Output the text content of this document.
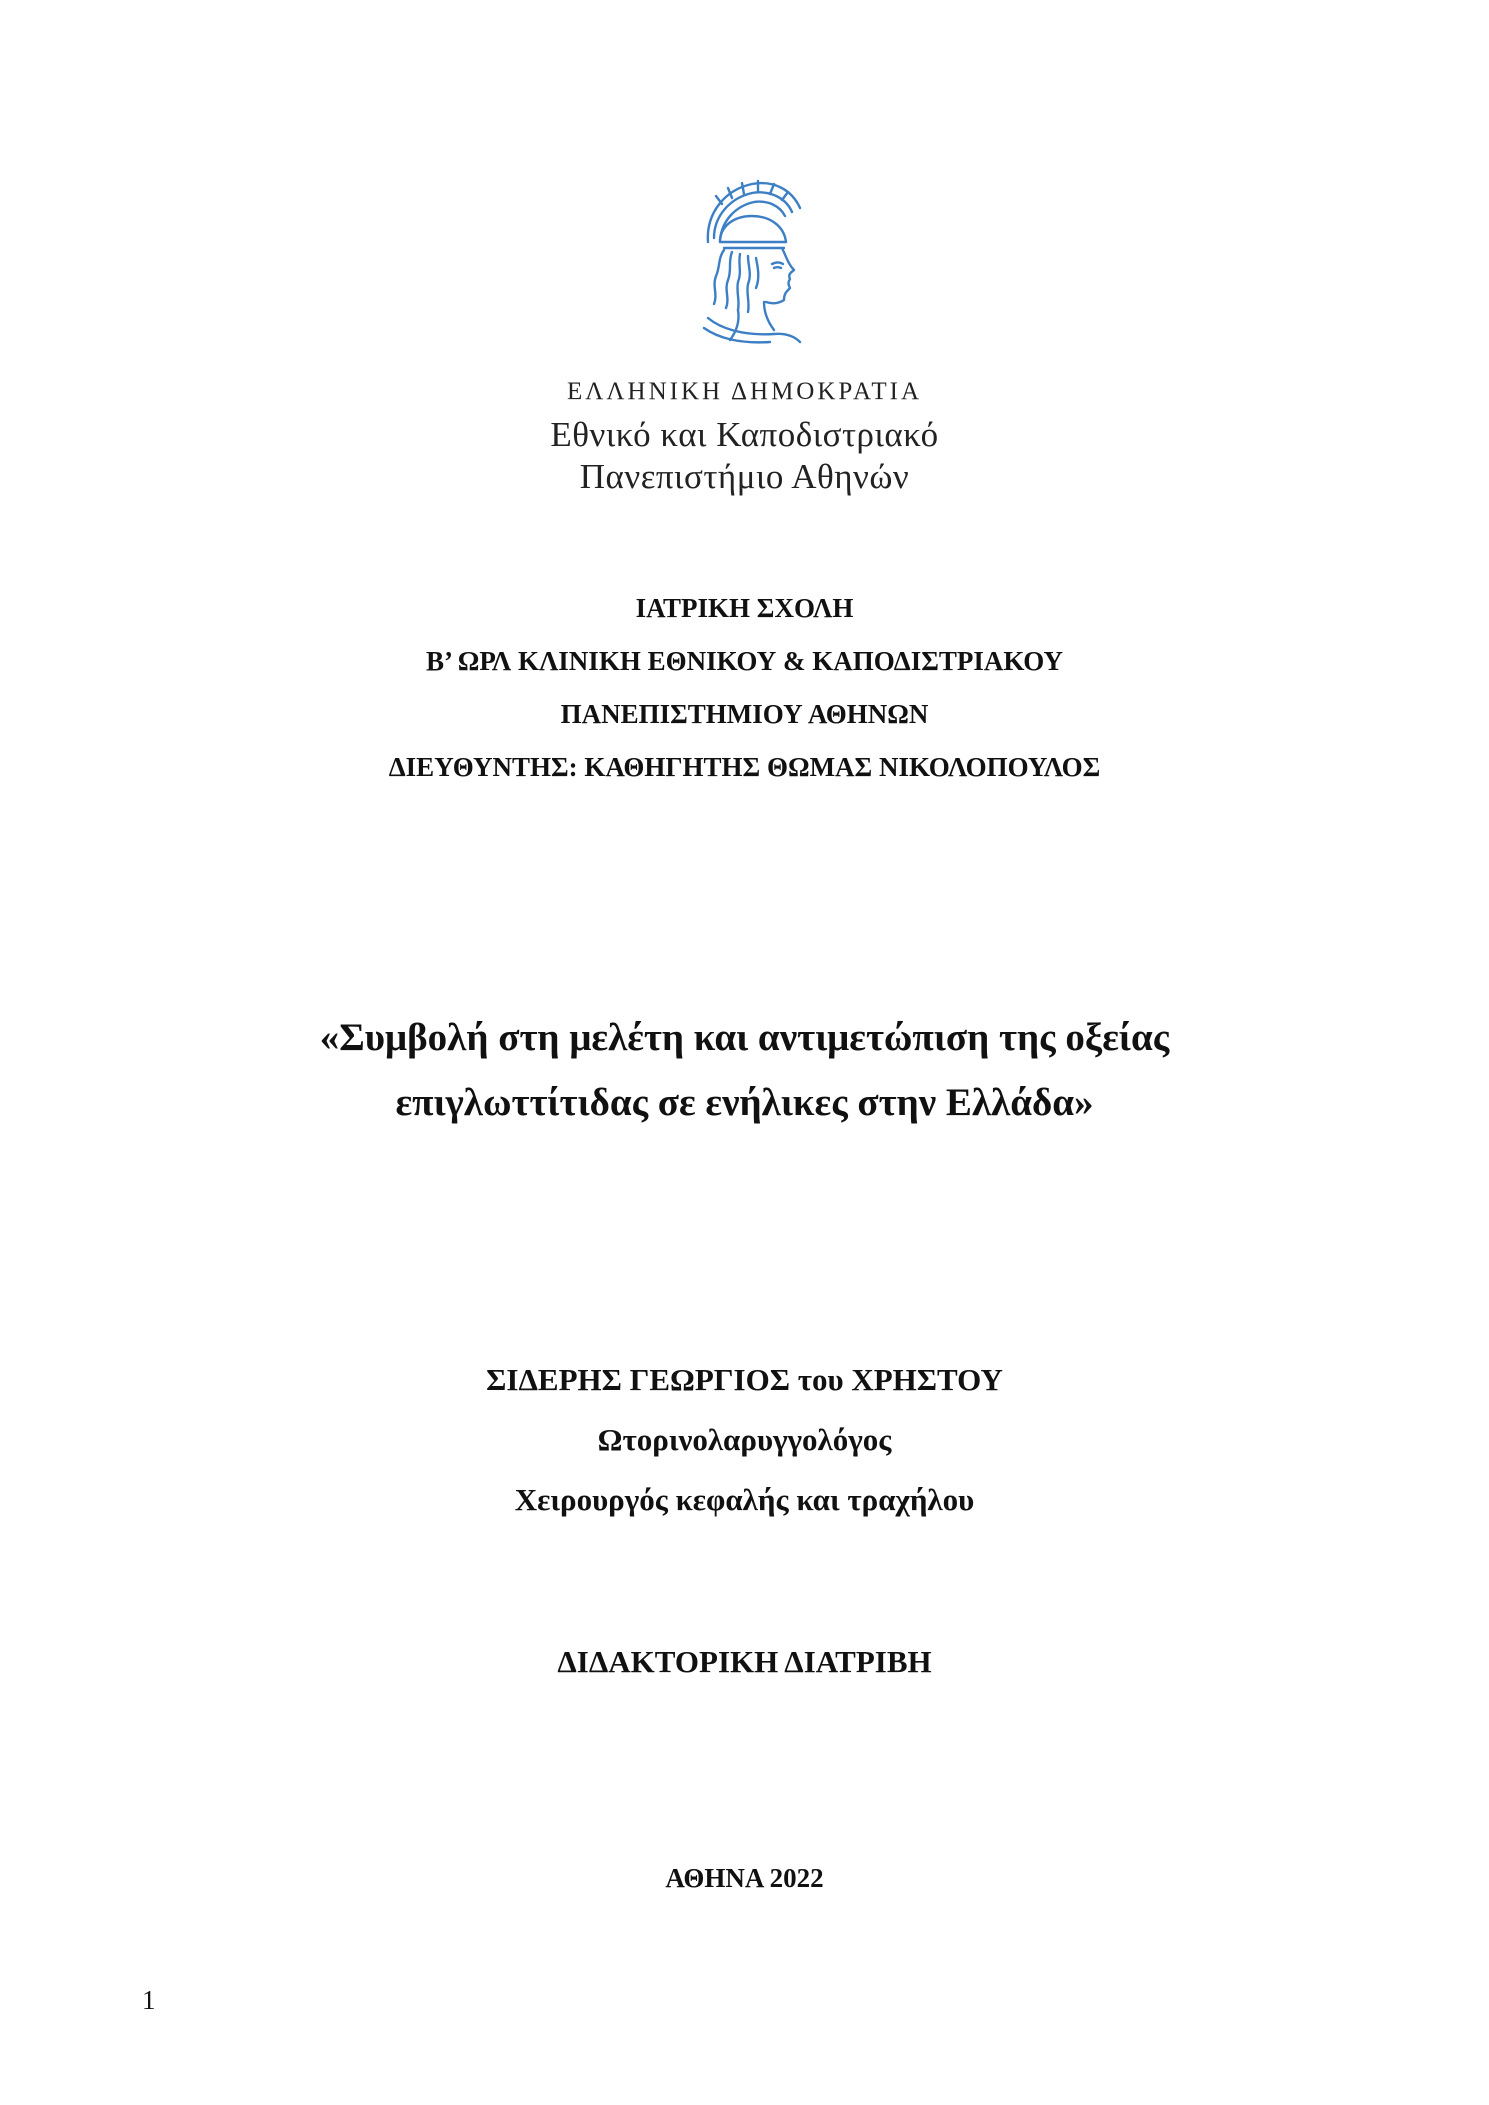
ΕΛΛΗΝΙΚΗ ΔΗΜΟΚΡΑΤΙΑ
Εθνικό και Καποδιστριακό
Πανεπιστήμιο Αθηνών
ΙΑΤΡΙΚΗ ΣΧΟΛΗ
Β’ ΩΡΛ ΚΛΙΝΙΚΗ ΕΘΝΙΚΟΥ & ΚΑΠΟΔΙΣΤΡΙΑΚΟΥ
ΠΑΝΕΠΙΣΤΗΜΙΟΥ ΑΘΗΝΩΝ
ΔΙΕΥΘΥΝΤΗΣ: ΚΑΘΗΓΗΤΗΣ ΘΩΜΑΣ ΝΙΚΟΛΟΠΟΥΛΟΣ
«Συμβολή στη μελέτη και αντιμετώπιση της οξείας
επιγλωττίτιδας σε ενήλικες στην Ελλάδα»
ΣΙΔΕΡΗΣ ΓΕΩΡΓΙΟΣ του ΧΡΗΣΤΟΥ
Ωτορινολαρυγγολόγος
Χειρουργός κεφαλής και τραχήλου
ΔΙΔΑΚΤΟΡΙΚΗ ΔΙΑΤΡΙΒΗ
ΑΘΗΝΑ 2022
1
